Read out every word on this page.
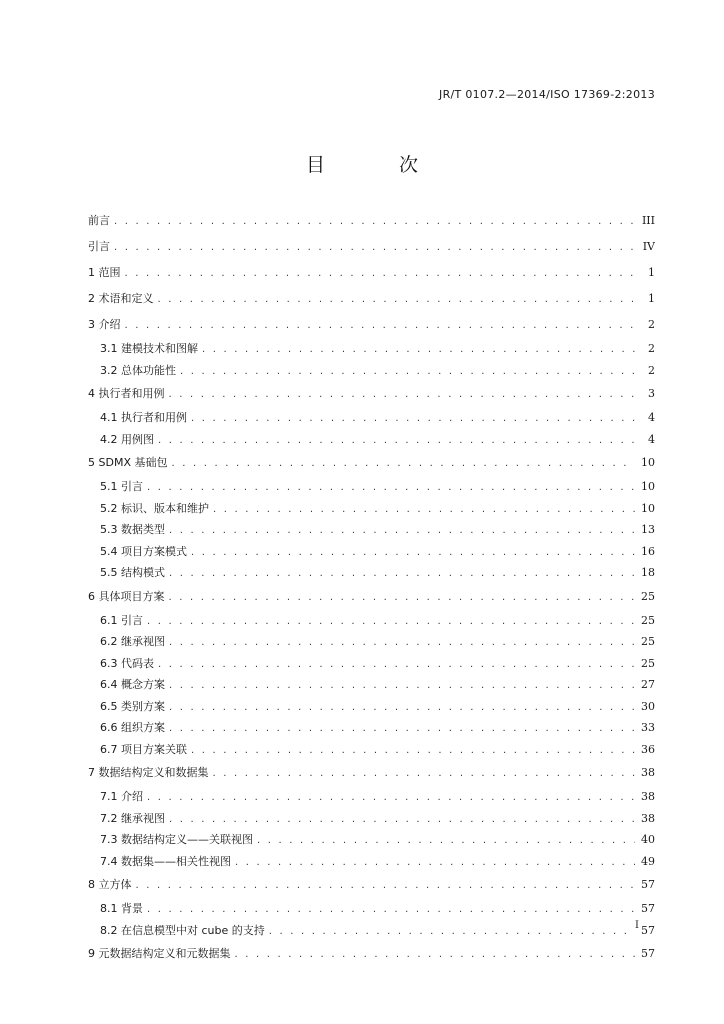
JR/T 0107.2—2014/ISO 17369-2:2013
目 次
前言 . . .	III
引言 . . .	IV
1 范围 . . .	1
2 术语和定义 . . .	1
3 介绍 . . .	2
3.1 建模技术和图解 . . .	2
3.2 总体功能性 . . .	2
4 执行者和用例 . . .	3
4.1 执行者和用例 . . .	4
4.2 用例图 . . .	4
5 SDMX 基础包 . . .	10
5.1 引言 . . .	10
5.2 标识、版本和维护 . . .	10
5.3 数据类型 . . .	13
5.4 项目方案模式 . . .	16
5.5 结构模式 . . .	18
6 具体项目方案 . . .	25
6.1 引言 . . .	25
6.2 继承视图 . . .	25
6.3 代码表 . . .	25
6.4 概念方案 . . .	27
6.5 类别方案 . . .	30
6.6 组织方案 . . .	33
6.7 项目方案关联 . . .	36
7 数据结构定义和数据集 . . .	38
7.1 介绍 . . .	38
7.2 继承视图 . . .	38
7.3 数据结构定义——关联视图 . . .	40
7.4 数据集——相关性视图 . . .	49
8 立方体 . . .	57
8.1 背景 . . .	57
8.2 在信息模型中对 cube 的支持 . . .	57
9 元数据结构定义和元数据集 . . .	57
I
